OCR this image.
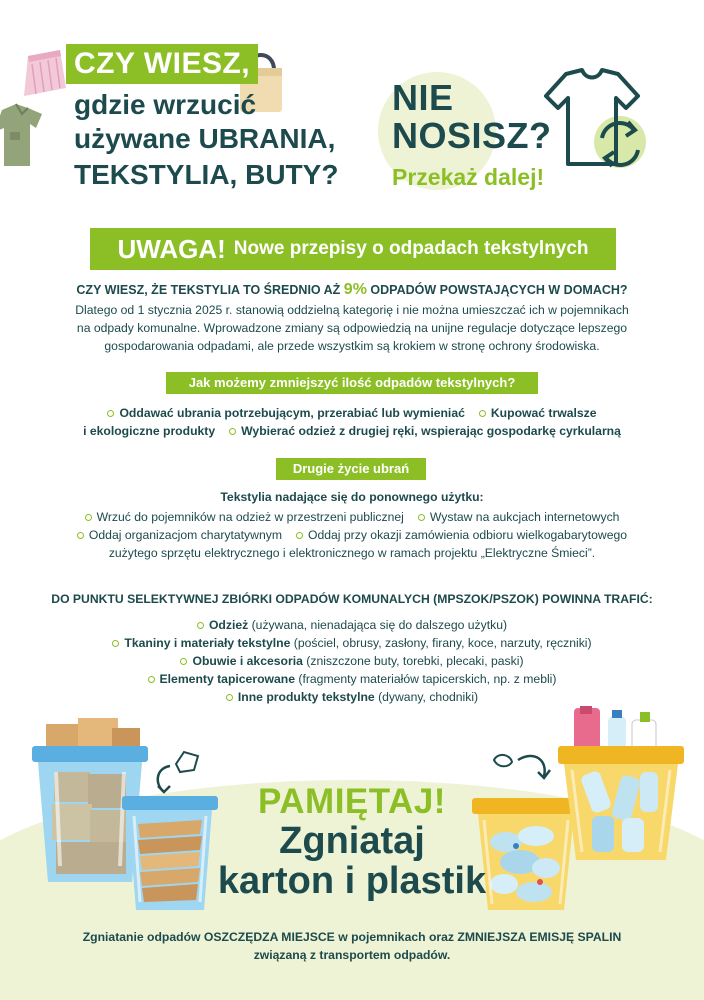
CZY WIESZ,
gdzie wrzucić
używane UBRANIA,
TEKSTYLIA, BUTY?
NIE
NOSISZ?
Przekaż dalej!
UWAGA! Nowe przepisy o odpadach tekstylnych
CZY WIESZ, ŻE TEKSTYLIA TO ŚREDNIO AŻ 9% ODPADÓW POWSTAJĄCYCH W DOMACH?
Dlatego od 1 stycznia 2025 r. stanowią oddzielną kategorię i nie można umieszczać ich w pojemnikach
na odpady komunalne. Wprowadzone zmiany są odpowiedzią na unijne regulacje dotyczące lepszego
gospodarowania odpadami, ale przede wszystkim są krokiem w stronę ochrony środowiska.
Jak możemy zmniejszyć ilość odpadów tekstylnych?
Oddawać ubrania potrzebującym, przerabiać lub wymieniać Kupować trwalsze
i ekologiczne produkty Wybierać odzież z drugiej ręki, wspierając gospodarkę cyrkularną
Drugie życie ubrań
Tekstylia nadające się do ponownego użytku:
Wrzuć do pojemników na odzież w przestrzeni publicznej Wystaw na aukcjach internetowych
Oddaj organizacjom charytatywnym Oddaj przy okazji zamówienia odbioru wielkogabarytowego
zużytego sprzętu elektrycznego i elektronicznego w ramach projektu „Elektryczne Śmieci”.
DO PUNKTU SELEKTYWNEJ ZBIÓRKI ODPADÓW KOMUNALYCH (MPSZOK/PSZOK) POWINNA TRAFIĆ:
Odzież (używana, nienadająca się do dalszego użytku)
Tkaniny i materiały tekstylne (pościel, obrusy, zasłony, firany, koce, narzuty, ręczniki)
Obuwie i akcesoria (zniszczone buty, torebki, plecaki, paski)
Elementy tapicerowane (fragmenty materiałów tapicerskich, np. z mebli)
Inne produkty tekstylne (dywany, chodniki)
PAMIĘTAJ!
Zgniataj
karton i plastik
Zgniatanie odpadów OSZCZĘDZA MIEJSCE w pojemnikach oraz ZMNIEJSZA EMISJĘ SPALIN
związaną z transportem odpadów.
